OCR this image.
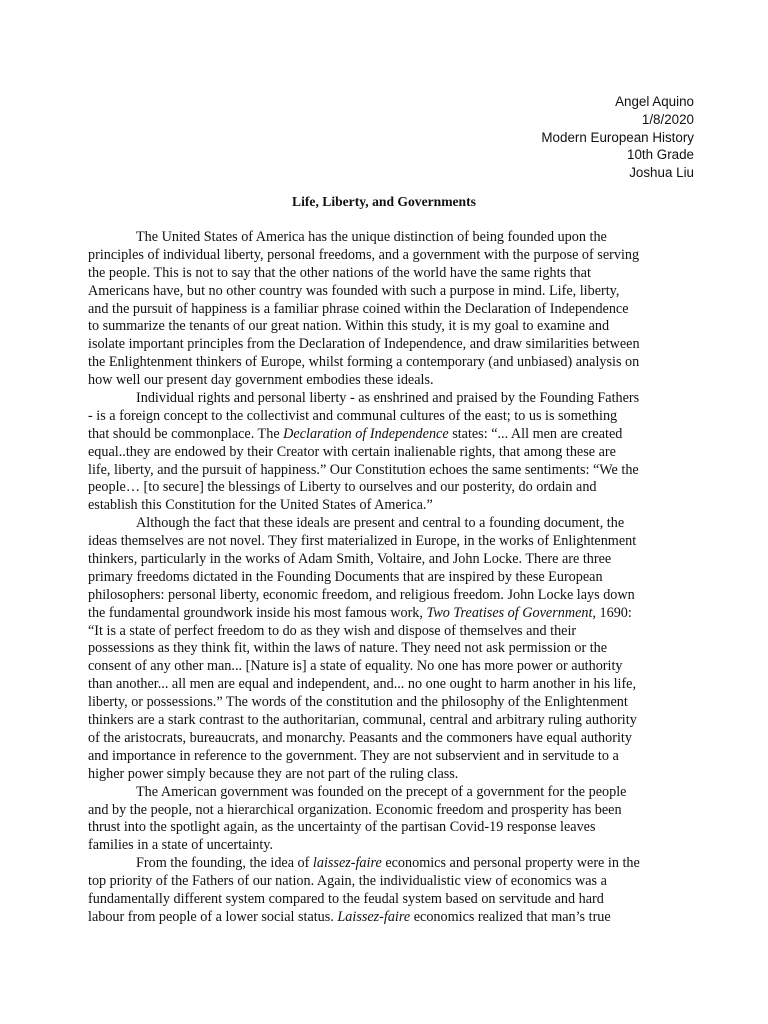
Angel Aquino
1/8/2020
Modern European History
10th Grade
Joshua Liu
Life, Liberty, and Governments
The United States of America has the unique distinction of being founded upon the
principles of individual liberty, personal freedoms, and a government with the purpose of serving
the people. This is not to say that the other nations of the world have the same rights that
Americans have, but no other country was founded with such a purpose in mind. Life, liberty,
and the pursuit of happiness is a familiar phrase coined within the Declaration of Independence
to summarize the tenants of our great nation. Within this study, it is my goal to examine and
isolate important principles from the Declaration of Independence, and draw similarities between
the Enlightenment thinkers of Europe, whilst forming a contemporary (and unbiased) analysis on
how well our present day government embodies these ideals.
Individual rights and personal liberty - as enshrined and praised by the Founding Fathers
- is a foreign concept to the collectivist and communal cultures of the east; to us is something
that should be commonplace. The Declaration of Independence states: “... All men are created
equal..they are endowed by their Creator with certain inalienable rights, that among these are
life, liberty, and the pursuit of happiness.” Our Constitution echoes the same sentiments: “We the
people… [to secure] the blessings of Liberty to ourselves and our posterity, do ordain and
establish this Constitution for the United States of America.”
Although the fact that these ideals are present and central to a founding document, the
ideas themselves are not novel. They first materialized in Europe, in the works of Enlightenment
thinkers, particularly in the works of Adam Smith, Voltaire, and John Locke. There are three
primary freedoms dictated in the Founding Documents that are inspired by these European
philosophers: personal liberty, economic freedom, and religious freedom. John Locke lays down
the fundamental groundwork inside his most famous work, Two Treatises of Government, 1690:
“It is a state of perfect freedom to do as they wish and dispose of themselves and their
possessions as they think fit, within the laws of nature. They need not ask permission or the
consent of any other man... [Nature is] a state of equality. No one has more power or authority
than another... all men are equal and independent, and... no one ought to harm another in his life,
liberty, or possessions.” The words of the constitution and the philosophy of the Enlightenment
thinkers are a stark contrast to the authoritarian, communal, central and arbitrary ruling authority
of the aristocrats, bureaucrats, and monarchy. Peasants and the commoners have equal authority
and importance in reference to the government. They are not subservient and in servitude to a
higher power simply because they are not part of the ruling class.
The American government was founded on the precept of a government for the people
and by the people, not a hierarchical organization. Economic freedom and prosperity has been
thrust into the spotlight again, as the uncertainty of the partisan Covid-19 response leaves
families in a state of uncertainty.
From the founding, the idea of laissez-faire economics and personal property were in the
top priority of the Fathers of our nation. Again, the individualistic view of economics was a
fundamentally different system compared to the feudal system based on servitude and hard
labour from people of a lower social status. Laissez-faire economics realized that man’s true
